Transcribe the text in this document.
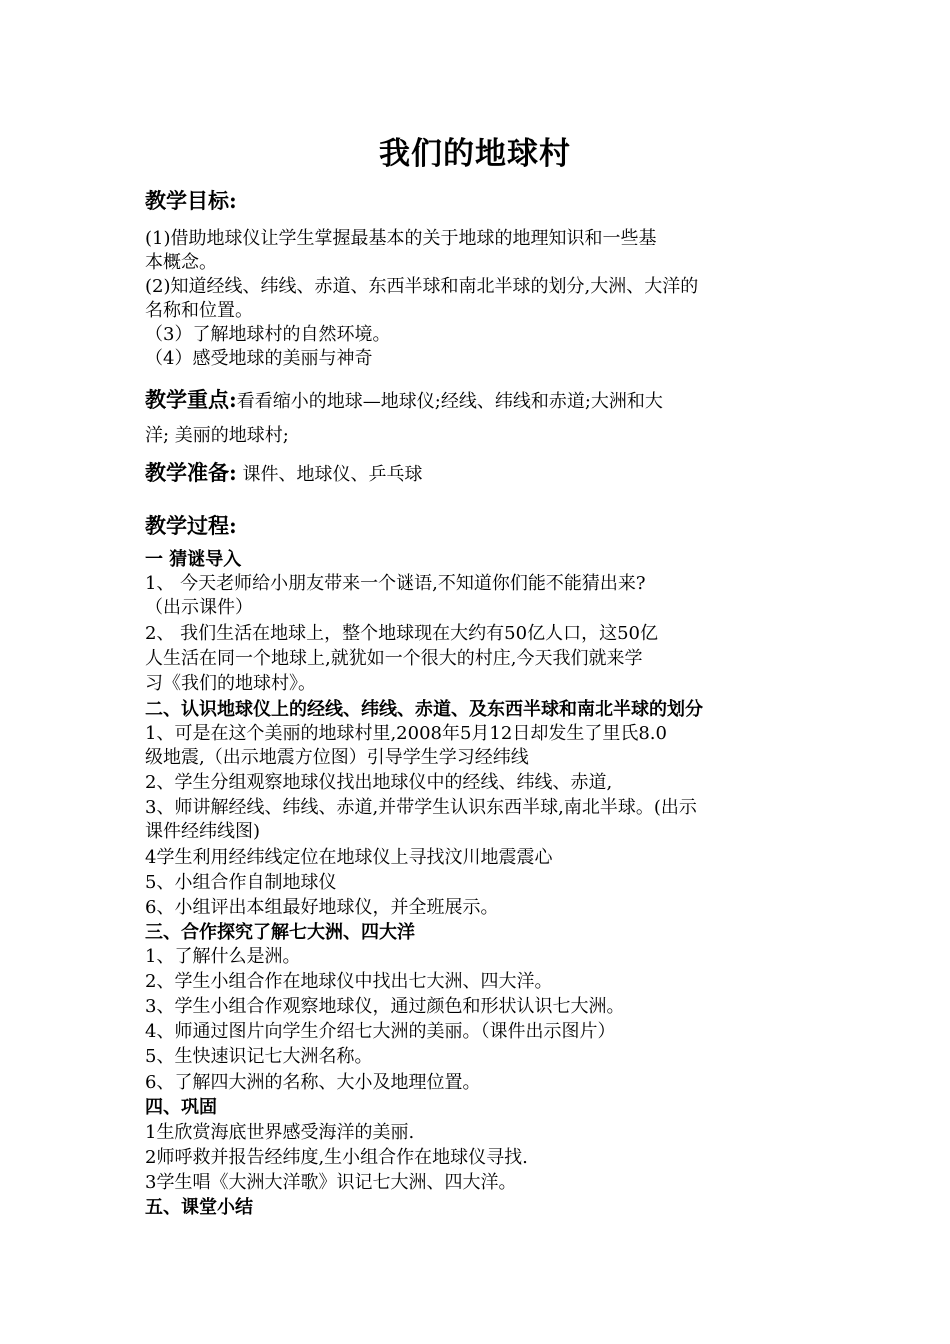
我们的地球村
教学目标:
(1)借助地球仪让学生掌握最基本的关于地球的地理知识和一些基
本概念。
(2)知道经线、纬线、赤道、东西半球和南北半球的划分,大洲、大洋的
名称和位置。
（3）了解地球村的自然环境。
（4）感受地球的美丽与神奇
教学重点:看看缩小的地球—地球仪;经线、纬线和赤道;大洲和大
洋; 美丽的地球村;
教学准备: 课件、地球仪、乒乓球
教学过程:
一 猜谜导入
1、 今天老师给小朋友带来一个谜语,不知道你们能不能猜出来?
（出示课件）
2、 我们生活在地球上，整个地球现在大约有50亿人口，这50亿
人生活在同一个地球上,就犹如一个很大的村庄,今天我们就来学
习《我们的地球村》。
二、认识地球仪上的经线、纬线、赤道、及东西半球和南北半球的划分
1、可是在这个美丽的地球村里,2008年5月12日却发生了里氏8.0
级地震,（出示地震方位图）引导学生学习经纬线
2、学生分组观察地球仪找出地球仪中的经线、纬线、赤道,
3、师讲解经线、纬线、赤道,并带学生认识东西半球,南北半球。(出示
课件经纬线图)
4学生利用经纬线定位在地球仪上寻找汶川地震震心
5、小组合作自制地球仪
6、小组评出本组最好地球仪，并全班展示。
三、合作探究了解七大洲、四大洋
1、了解什么是洲。
2、学生小组合作在地球仪中找出七大洲、四大洋。
3、学生小组合作观察地球仪，通过颜色和形状认识七大洲。
4、师通过图片向学生介绍七大洲的美丽。（课件出示图片）
5、生快速识记七大洲名称。
6、了解四大洲的名称、大小及地理位置。
四、巩固
1生欣赏海底世界感受海洋的美丽.
2师呼救并报告经纬度,生小组合作在地球仪寻找.
3学生唱《大洲大洋歌》识记七大洲、四大洋。
五、课堂小结
